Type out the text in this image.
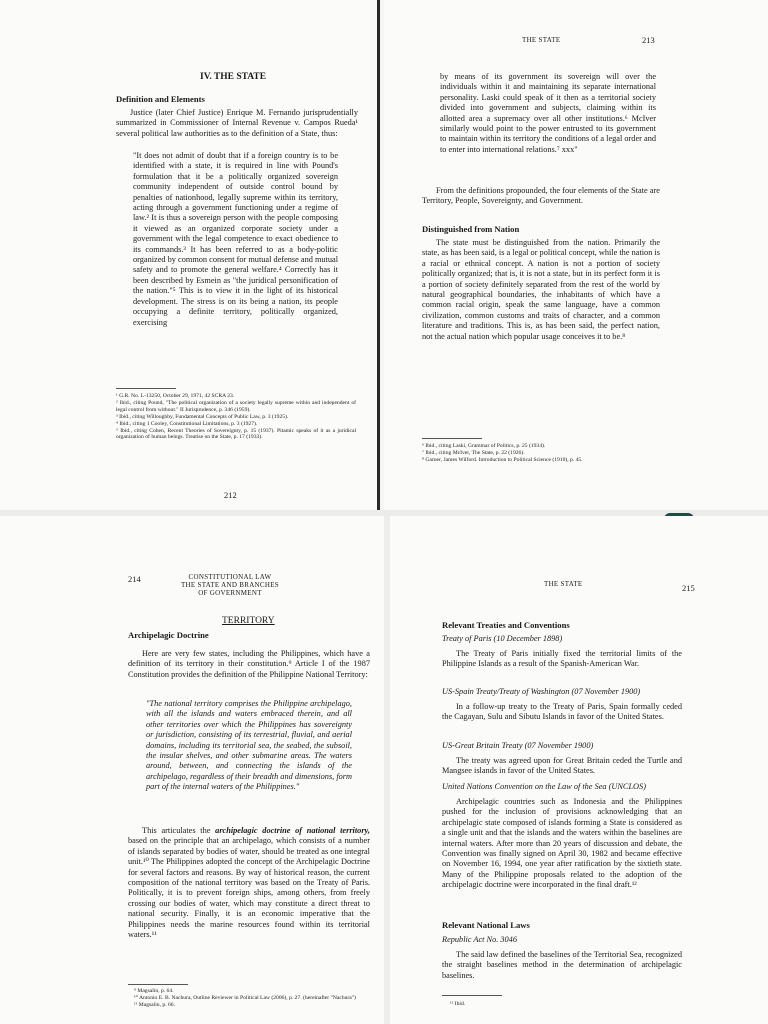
IV. THE STATE
Definition and Elements

Justice (later Chief Justice) Enrique M. Fernando jurisprudentially summarized in Commissioner of Internal Revenue v. Campos Rueda¹ several political law authorities as to the definition of a State, thus:

"It does not admit of doubt that if a foreign country is to be identified with a state, it is required in line with Pound's formulation that it be a politically organized sovereign community independent of outside control bound by penalties of nationhood, legally supreme within its territory, acting through a government functioning under a regime of law.² It is thus a sovereign person with the people composing it viewed as an organized corporate society under a government with the legal competence to exact obedience to its commands.³ It has been referred to as a body-politic organized by common consent for mutual defense and mutual safety and to promote the general welfare.⁴ Correctly has it been described by Esmein as "the juridical personification of the nation."⁵ This is to view it in the light of its historical development. The stress is on its being a nation, its people occupying a definite territory, politically organized, exercising

¹ G.R. No. L-13250, October 29, 1971, 42 SCRA 23.

² Ibid., citing Pound, "The political organization of a society legally supreme within and independent of legal control from without." II Jurisprudence, p. 346 (1959).

³ Ibid., citing Willoughby, Fundamental Concepts of Public Law, p. 3 (1925).

⁴ Ibid., citing 1 Cooley, Constitutional Limitations, p. 3 (1927).

⁵ Ibid., citing Cohen, Recent Theories of Sovereignty, p. 15 (1937). Pitamic speaks of it as a juridical organization of human beings. Treatise on the State, p. 17 (1933).

212
THE STATE	213

by means of its government its sovereign will over the individuals within it and maintaining its separate international personality. Laski could speak of it then as a territorial society divided into government and subjects, claiming within its allotted area a supremacy over all other institutions.⁶ McIver similarly would point to the power entrusted to its government to maintain within its territory the conditions of a legal order and to enter into international relations.⁷ xxx"

From the definitions propounded, the four elements of the State are Territory, People, Sovereignty, and Government.

Distinguished from Nation

The state must be distinguished from the nation. Primarily the state, as has been said, is a legal or political concept, while the nation is a racial or ethnical concept. A nation is not a portion of society politically organized; that is, it is not a state, but in its perfect form it is a portion of society definitely separated from the rest of the world by natural geographical boundaries, the inhabitants of which have a common racial origin, speak the same language, have a common civilization, common customs and traits of character, and a common literature and traditions. This is, as has been said, the perfect nation, not the actual nation which popular usage conceives it to be.⁸

⁶ Ibid., citing Laski, Grammar of Politics, p. 25 (1934).

⁷ Ibid., citing McIver, The State, p. 22 (1926).

⁸ Garner, James Wilford. Introduction to Political Science (1910), p. 45.

214	CONSTITUTIONAL LAW
THE STATE AND BRANCHES
OF GOVERNMENT
TERRITORY
Archipelagic Doctrine

Here are very few states, including the Philippines, which have a definition of its territory in their constitution.⁹ Article I of the 1987 Constitution provides the definition of the Philippine National Territory:

"The national territory comprises the Philippine archipelago, with all the islands and waters embraced therein, and all other territories over which the Philippines has sovereignty or jurisdiction, consisting of its terrestrial, fluvial, and aerial domains, including its territorial sea, the seabed, the subsoil, the insular shelves, and other submarine areas. The waters around, between, and connecting the islands of the archipelago, regardless of their breadth and dimensions, form part of the internal waters of the Philippines."

This articulates the archipelagic doctrine of national territory, based on the principle that an archipelago, which consists of a number of islands separated by bodies of water, should be treated as one integral unit.¹⁰ The Philippines adopted the concept of the Archipelagic Doctrine for several factors and reasons. By way of historical reason, the current composition of the national territory was based on the Treaty of Paris. Politically, it is to prevent foreign ships, among others, from freely crossing our bodies of water, which may constitute a direct threat to national security. Finally, it is an economic imperative that the Philippines needs the marine resources found within its territorial waters.¹¹

⁹ Magsalin, p. 64.

¹⁰ Antonio E. B. Nachura, Outline Reviewer in Political Law (2006), p. 27. (hereinafter "Nachura")

¹¹ Magsalin, p. 66.

THE STATE	215
Relevant Treaties and Conventions
Treaty of Paris (10 December 1898)

The Treaty of Paris initially fixed the territorial limits of the Philippine Islands as a result of the Spanish-American War.

US-Spain Treaty/Treaty of Washington (07 November 1900)

In a follow-up treaty to the Treaty of Paris, Spain formally ceded the Cagayan, Sulu and Sibutu Islands in favor of the United States.

US-Great Britain Treaty (07 November 1900)

The treaty was agreed upon for Great Britain ceded the Turtle and Mangsee islands in favor of the United States.

United Nations Convention on the Law of the Sea (UNCLOS)

Archipelagic countries such as Indonesia and the Philippines pushed for the inclusion of provisions acknowledging that an archipelagic state composed of islands forming a State is considered as a single unit and that the islands and the waters within the baselines are internal waters. After more than 20 years of discussion and debate, the Convention was finally signed on April 30, 1982 and became effective on November 16, 1994, one year after ratification by the sixtieth state. Many of the Philippine proposals related to the adoption of the archipelagic doctrine were incorporated in the final draft.¹²

Relevant National Laws
Republic Act No. 3046

The said law defined the baselines of the Territorial Sea, recognized the straight baselines method in the determination of archipelagic baselines.

¹² Ibid.
